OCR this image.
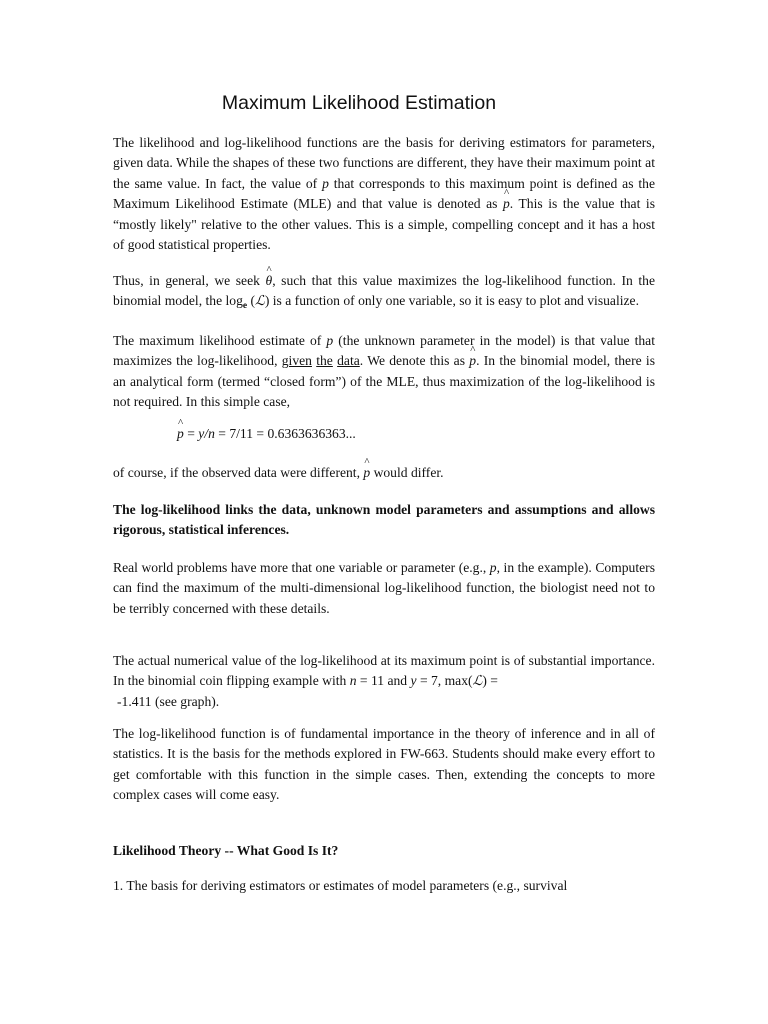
Maximum Likelihood Estimation

The likelihood and log-likelihood functions are the basis for deriving estimators for parameters, given data. While the shapes of these two functions are different, they have their maximum point at the same value. In fact, the value of p that corresponds to this maximum point is defined as the Maximum Likelihood Estimate (MLE) and that value is denoted as ^ p. This is the value that is “mostly likely" relative to the other values. This is a simple, compelling concept and it has a host of good statistical properties.

Thus, in general, we seek ^ θ, such that this value maximizes the log-likelihood function. In the binomial model, the $\log_e$ (ℒ) is a function of only one variable, so it is easy to plot and visualize.

The maximum likelihood estimate of p (the unknown parameter in the model) is that value that maximizes the log-likelihood, given the data. We denote this as ^ p. In the binomial model, there is an analytical form (termed “closed form”) of the MLE, thus maximization of the log-likelihood is not required. In this simple case,

^ p = y/n = 7/11 = 0.6363636363...

of course, if the observed data were different, ^ p would differ.

The log-likelihood links the data, unknown model parameters and assumptions and allows rigorous, statistical inferences.

Real world problems have more that one variable or parameter (e.g., p, in the example). Computers can find the maximum of the multi-dimensional log-likelihood function, the biologist need not to be terribly concerned with these details.

The actual numerical value of the log-likelihood at its maximum point is of substantial importance. In the binomial coin flipping example with n = 11 and y = 7, max(ℒ) =
-1.411 (see graph).

The log-likelihood function is of fundamental importance in the theory of inference and in all of statistics. It is the basis for the methods explored in FW-663. Students should make every effort to get comfortable with this function in the simple cases. Then, extending the concepts to more complex cases will come easy.

Likelihood Theory -- What Good Is It?

1. The basis for deriving estimators or estimates of model parameters (e.g., survival
